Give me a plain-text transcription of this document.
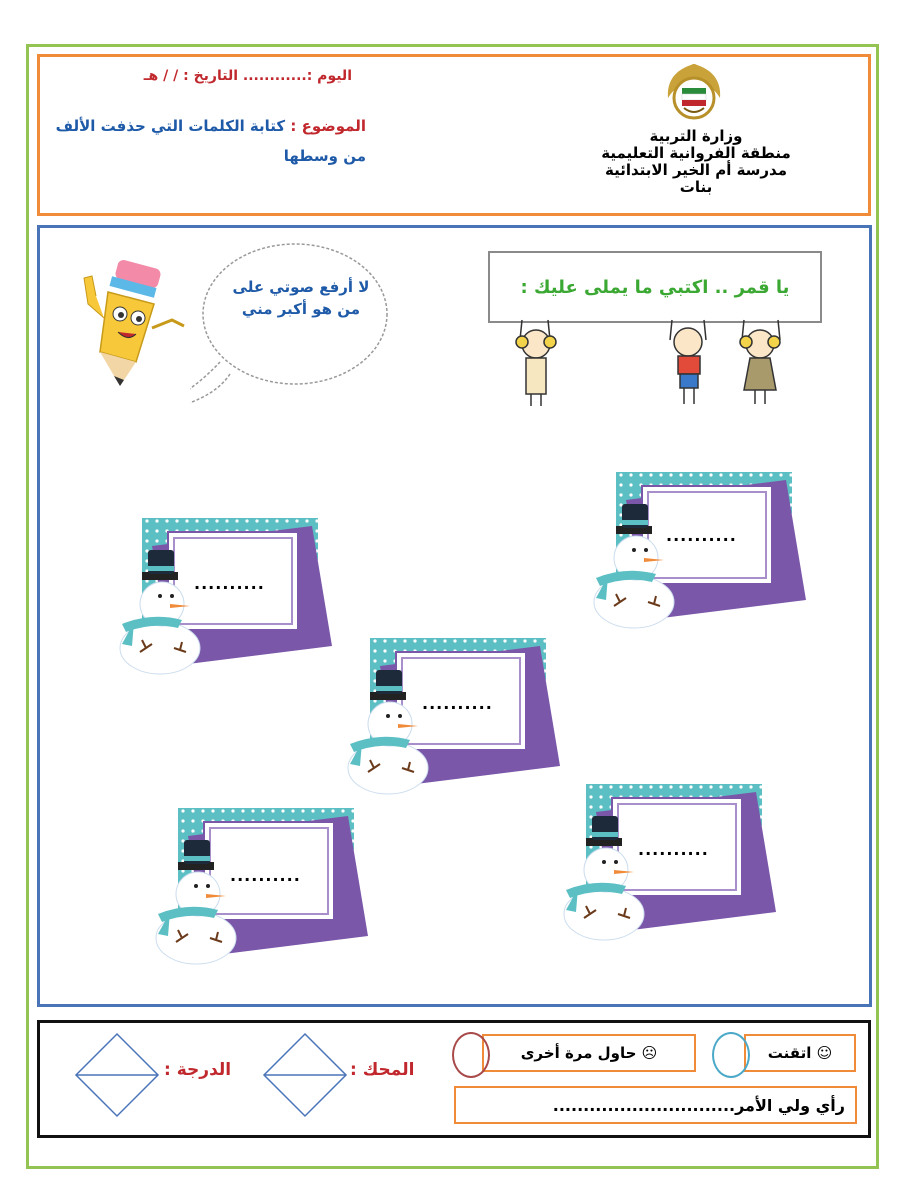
اليوم :............ التاريخ : / / هـ
الموضوع : كتابة الكلمات التي حذفت الألف من وسطها
وزارة التربية
منطقة الفروانية التعليمية
مدرسة أم الخير الابتدائية بنات
يا قمر .. اكتبي ما يملى عليك :
لا أرفع صوتي على من هو أكبر مني
..........
..........
..........
..........
..........
اتقنت
☺
حاول مرة أخرى
☹
رأي ولي الأمر..............................
المحك :
الدرجة :
